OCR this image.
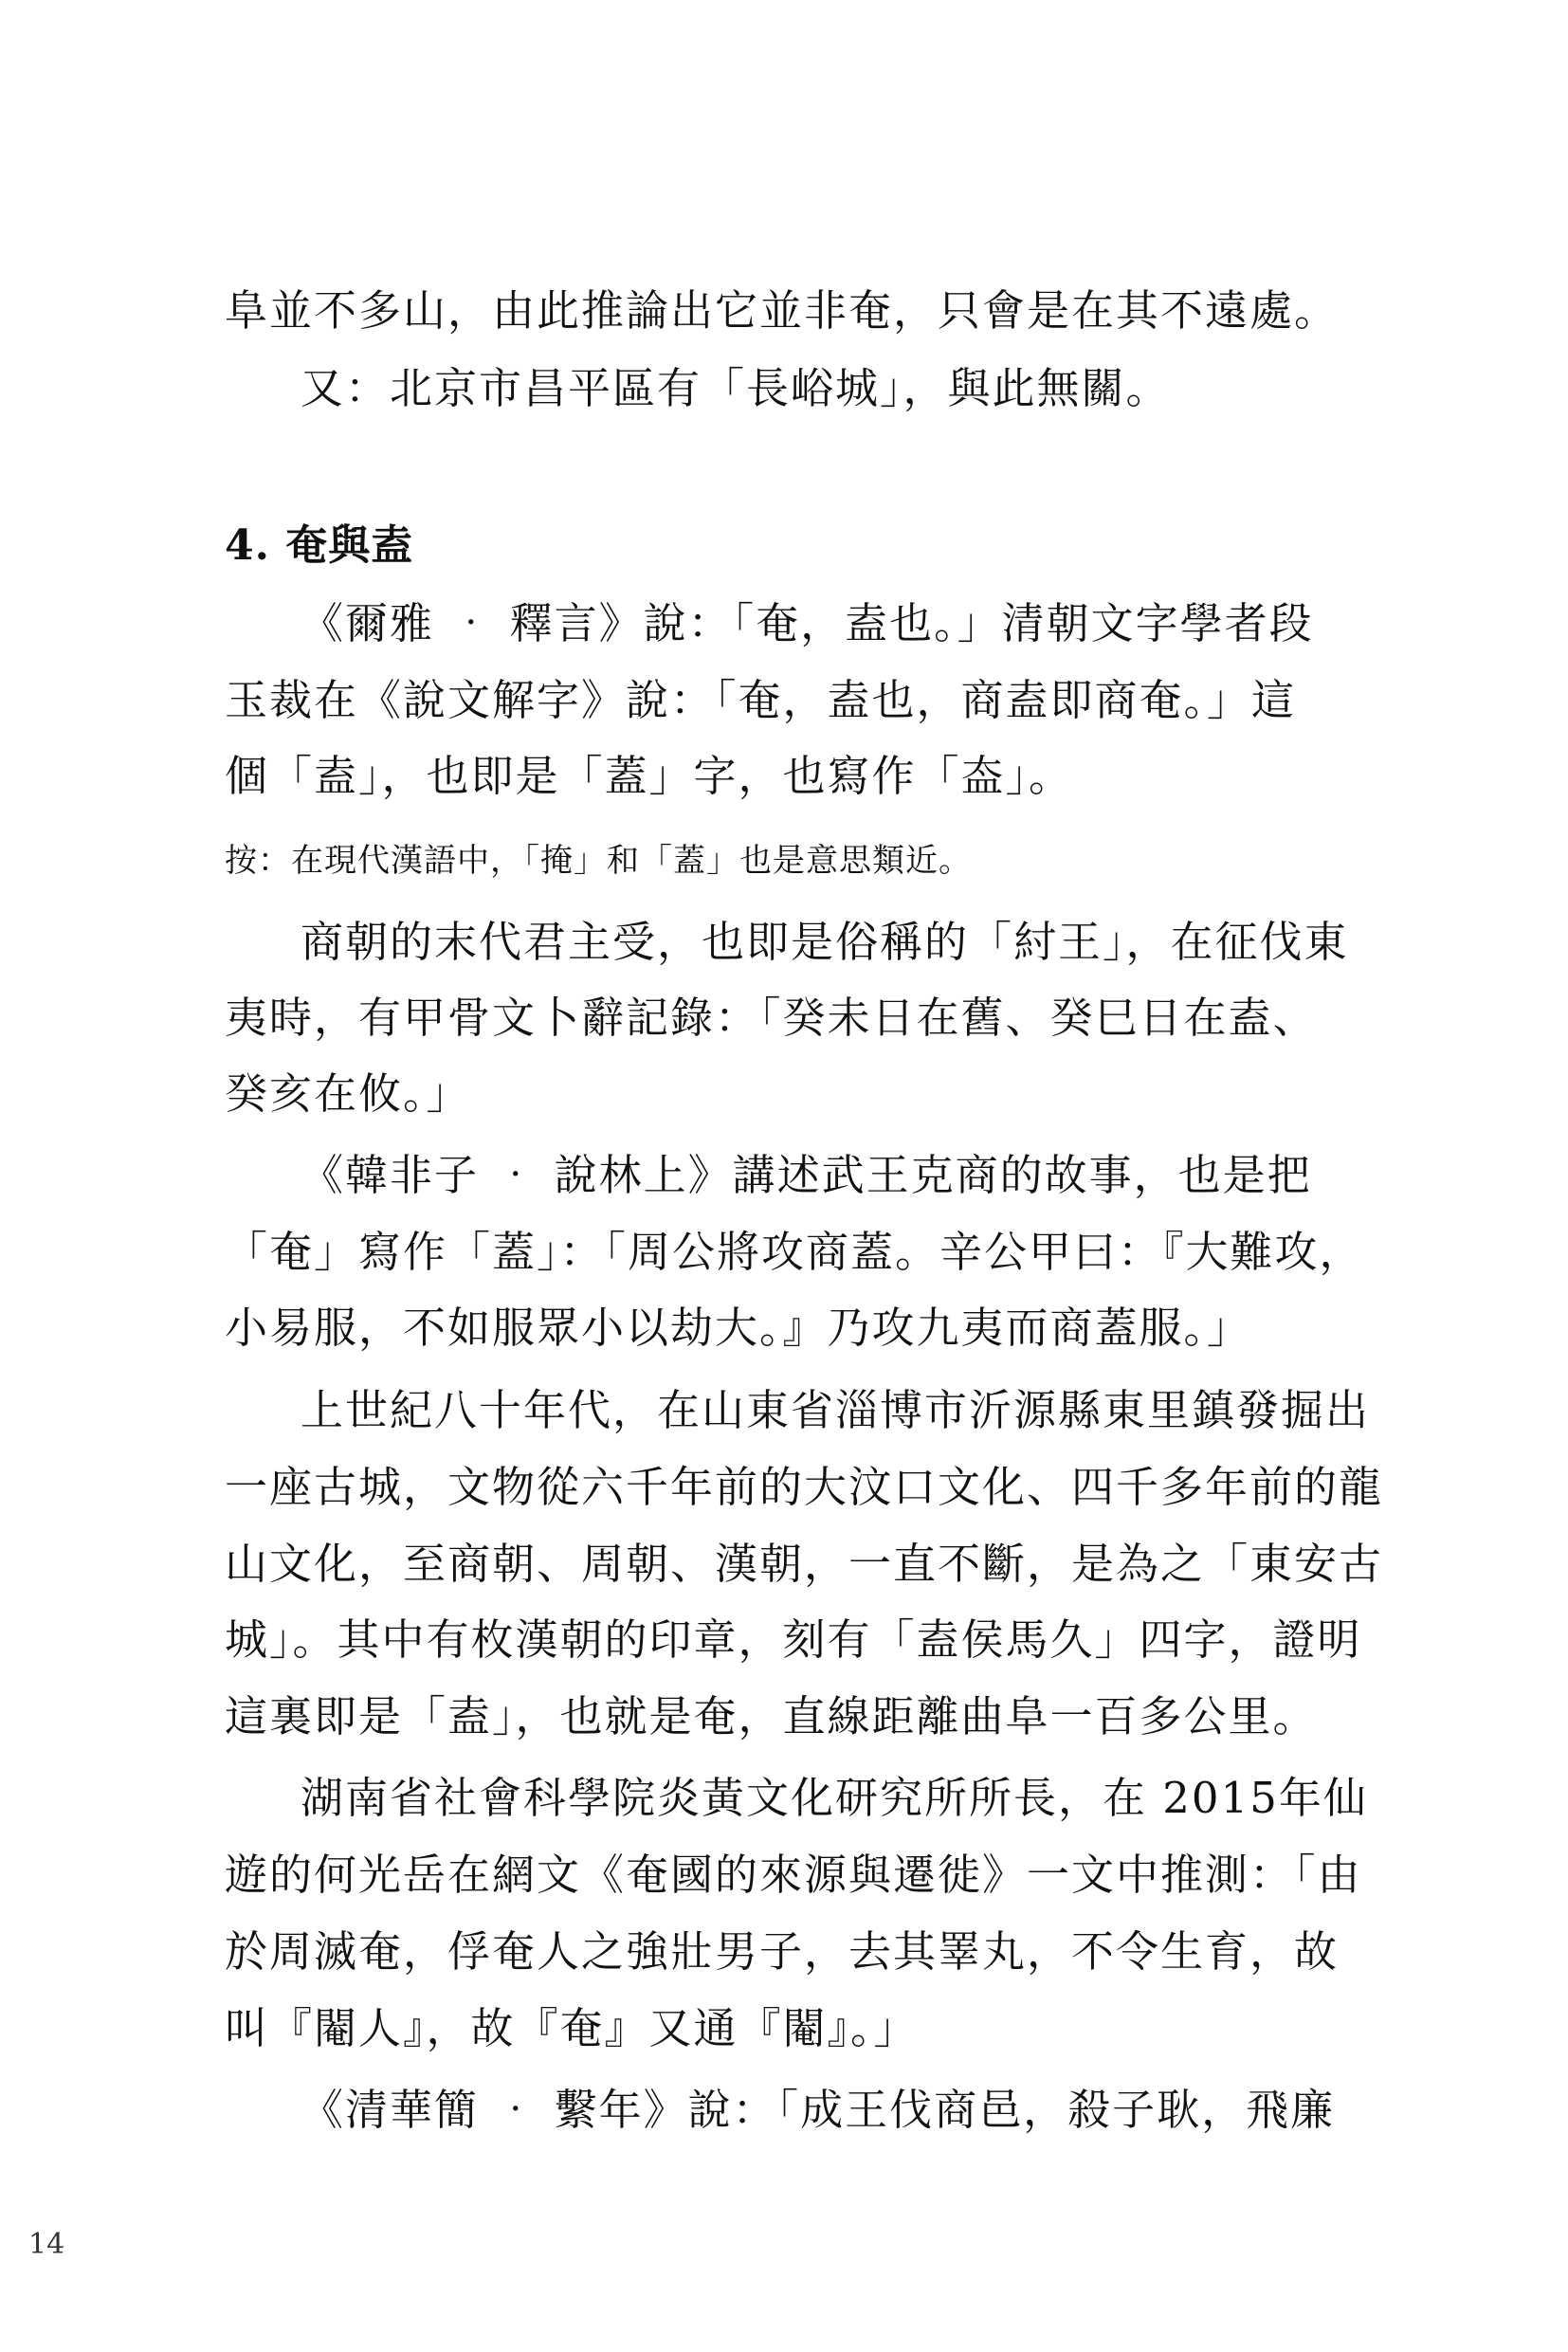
阜並不多山，由此推論出它並非奄，只會是在其不遠處。
又：北京市昌平區有「長峪城」，與此無關。
4. 奄與盍
《爾雅 ‧ 釋言》說：「奄，盍也。」清朝文字學者段
玉裁在《說文解字》說：「奄，盍也，商盍即商奄。」這
個「盍」，也即是「蓋」字，也寫作「盇」。
按：在現代漢語中，「掩」和「蓋」也是意思類近。
商朝的末代君主受，也即是俗稱的「紂王」，在征伐東
夷時，有甲骨文卜辭記錄：「癸未日在舊、癸巳日在盍、
癸亥在攸。」
《韓非子 ‧ 說林上》講述武王克商的故事，也是把
「奄」寫作「蓋」：「周公將攻商蓋。辛公甲曰：『大難攻，
小易服，不如服眾小以劫大。』乃攻九夷而商蓋服。」
上世紀八十年代，在山東省淄博市沂源縣東里鎮發掘出
一座古城，文物從六千年前的大汶口文化、四千多年前的龍
山文化，至商朝、周朝、漢朝，一直不斷，是為之「東安古
城」。其中有枚漢朝的印章，刻有「盍侯馬久」四字，證明
這裏即是「盍」，也就是奄，直線距離曲阜一百多公里。
湖南省社會科學院炎黃文化研究所所長，在 2015年仙
遊的何光岳在網文《奄國的來源與遷徙》一文中推測：「由
於周滅奄，俘奄人之強壯男子，去其睪丸，不令生育，故
叫『閹人』，故『奄』又通『閹』。」
《清華簡 ‧ 繫年》說：「成王伐商邑，殺子耿，飛廉
14
